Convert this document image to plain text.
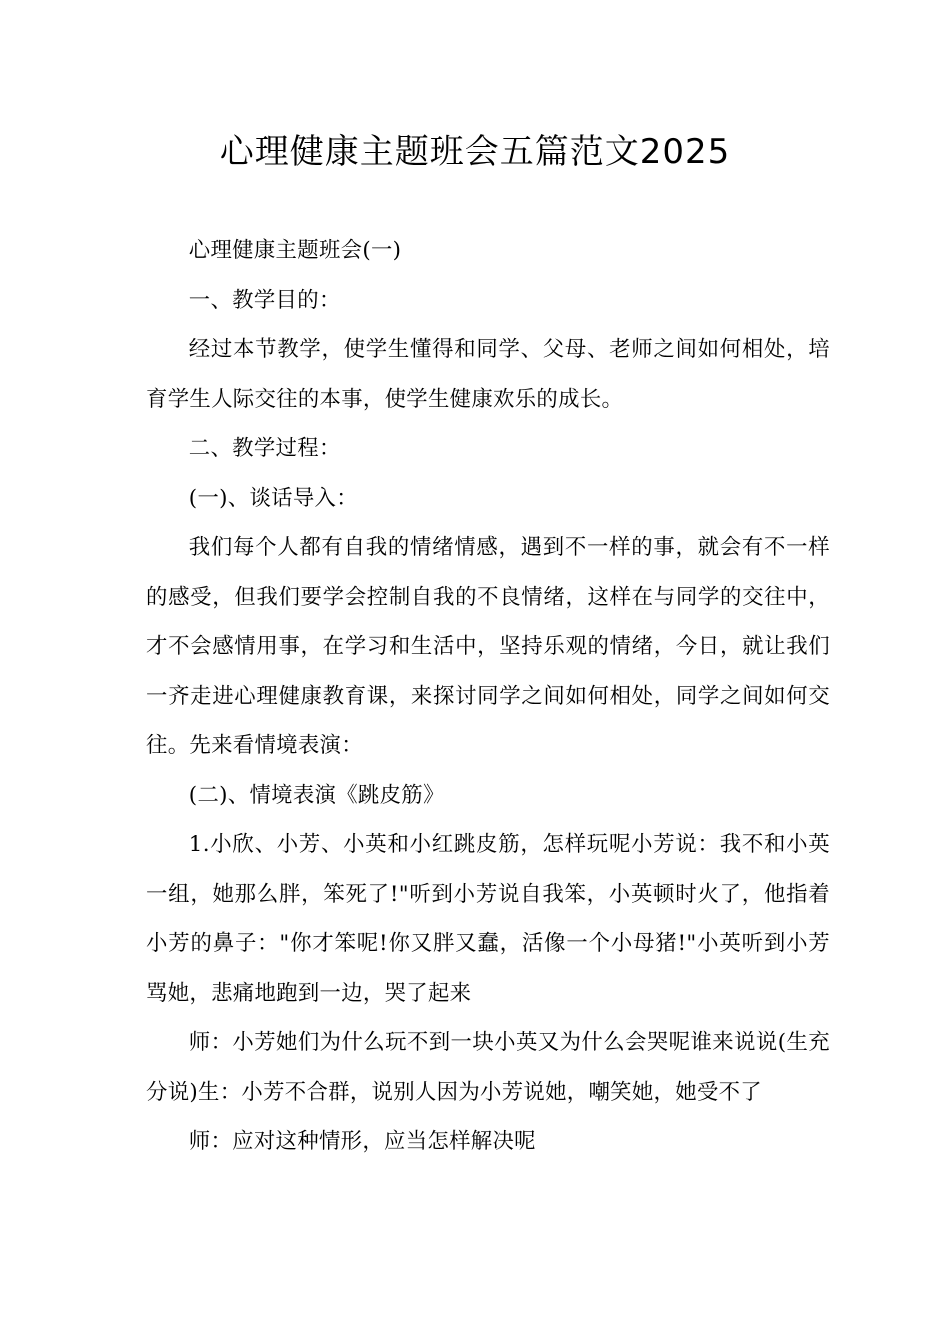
心理健康主题班会五篇范文2025

心理健康主题班会(一)

一、教学目的：

经过本节教学，使学生懂得和同学、父母、老师之间如何相处，培育学生人际交往的本事，使学生健康欢乐的成长。

二、教学过程：

(一)、谈话导入：

我们每个人都有自我的情绪情感，遇到不一样的事，就会有不一样的感受，但我们要学会控制自我的不良情绪，这样在与同学的交往中，才不会感情用事，在学习和生活中，坚持乐观的情绪，今日，就让我们一齐走进心理健康教育课，来探讨同学之间如何相处，同学之间如何交往。先来看情境表演：

(二)、情境表演《跳皮筋》

1.小欣、小芳、小英和小红跳皮筋，怎样玩呢小芳说：我不和小英一组，她那么胖，笨死了!"听到小芳说自我笨，小英顿时火了，他指着小芳的鼻子："你才笨呢!你又胖又蠢，活像一个小母猪!"小英听到小芳骂她，悲痛地跑到一边，哭了起来

师：小芳她们为什么玩不到一块小英又为什么会哭呢谁来说说(生充分说)生：小芳不合群，说别人因为小芳说她，嘲笑她，她受不了

师：应对这种情形，应当怎样解决呢
